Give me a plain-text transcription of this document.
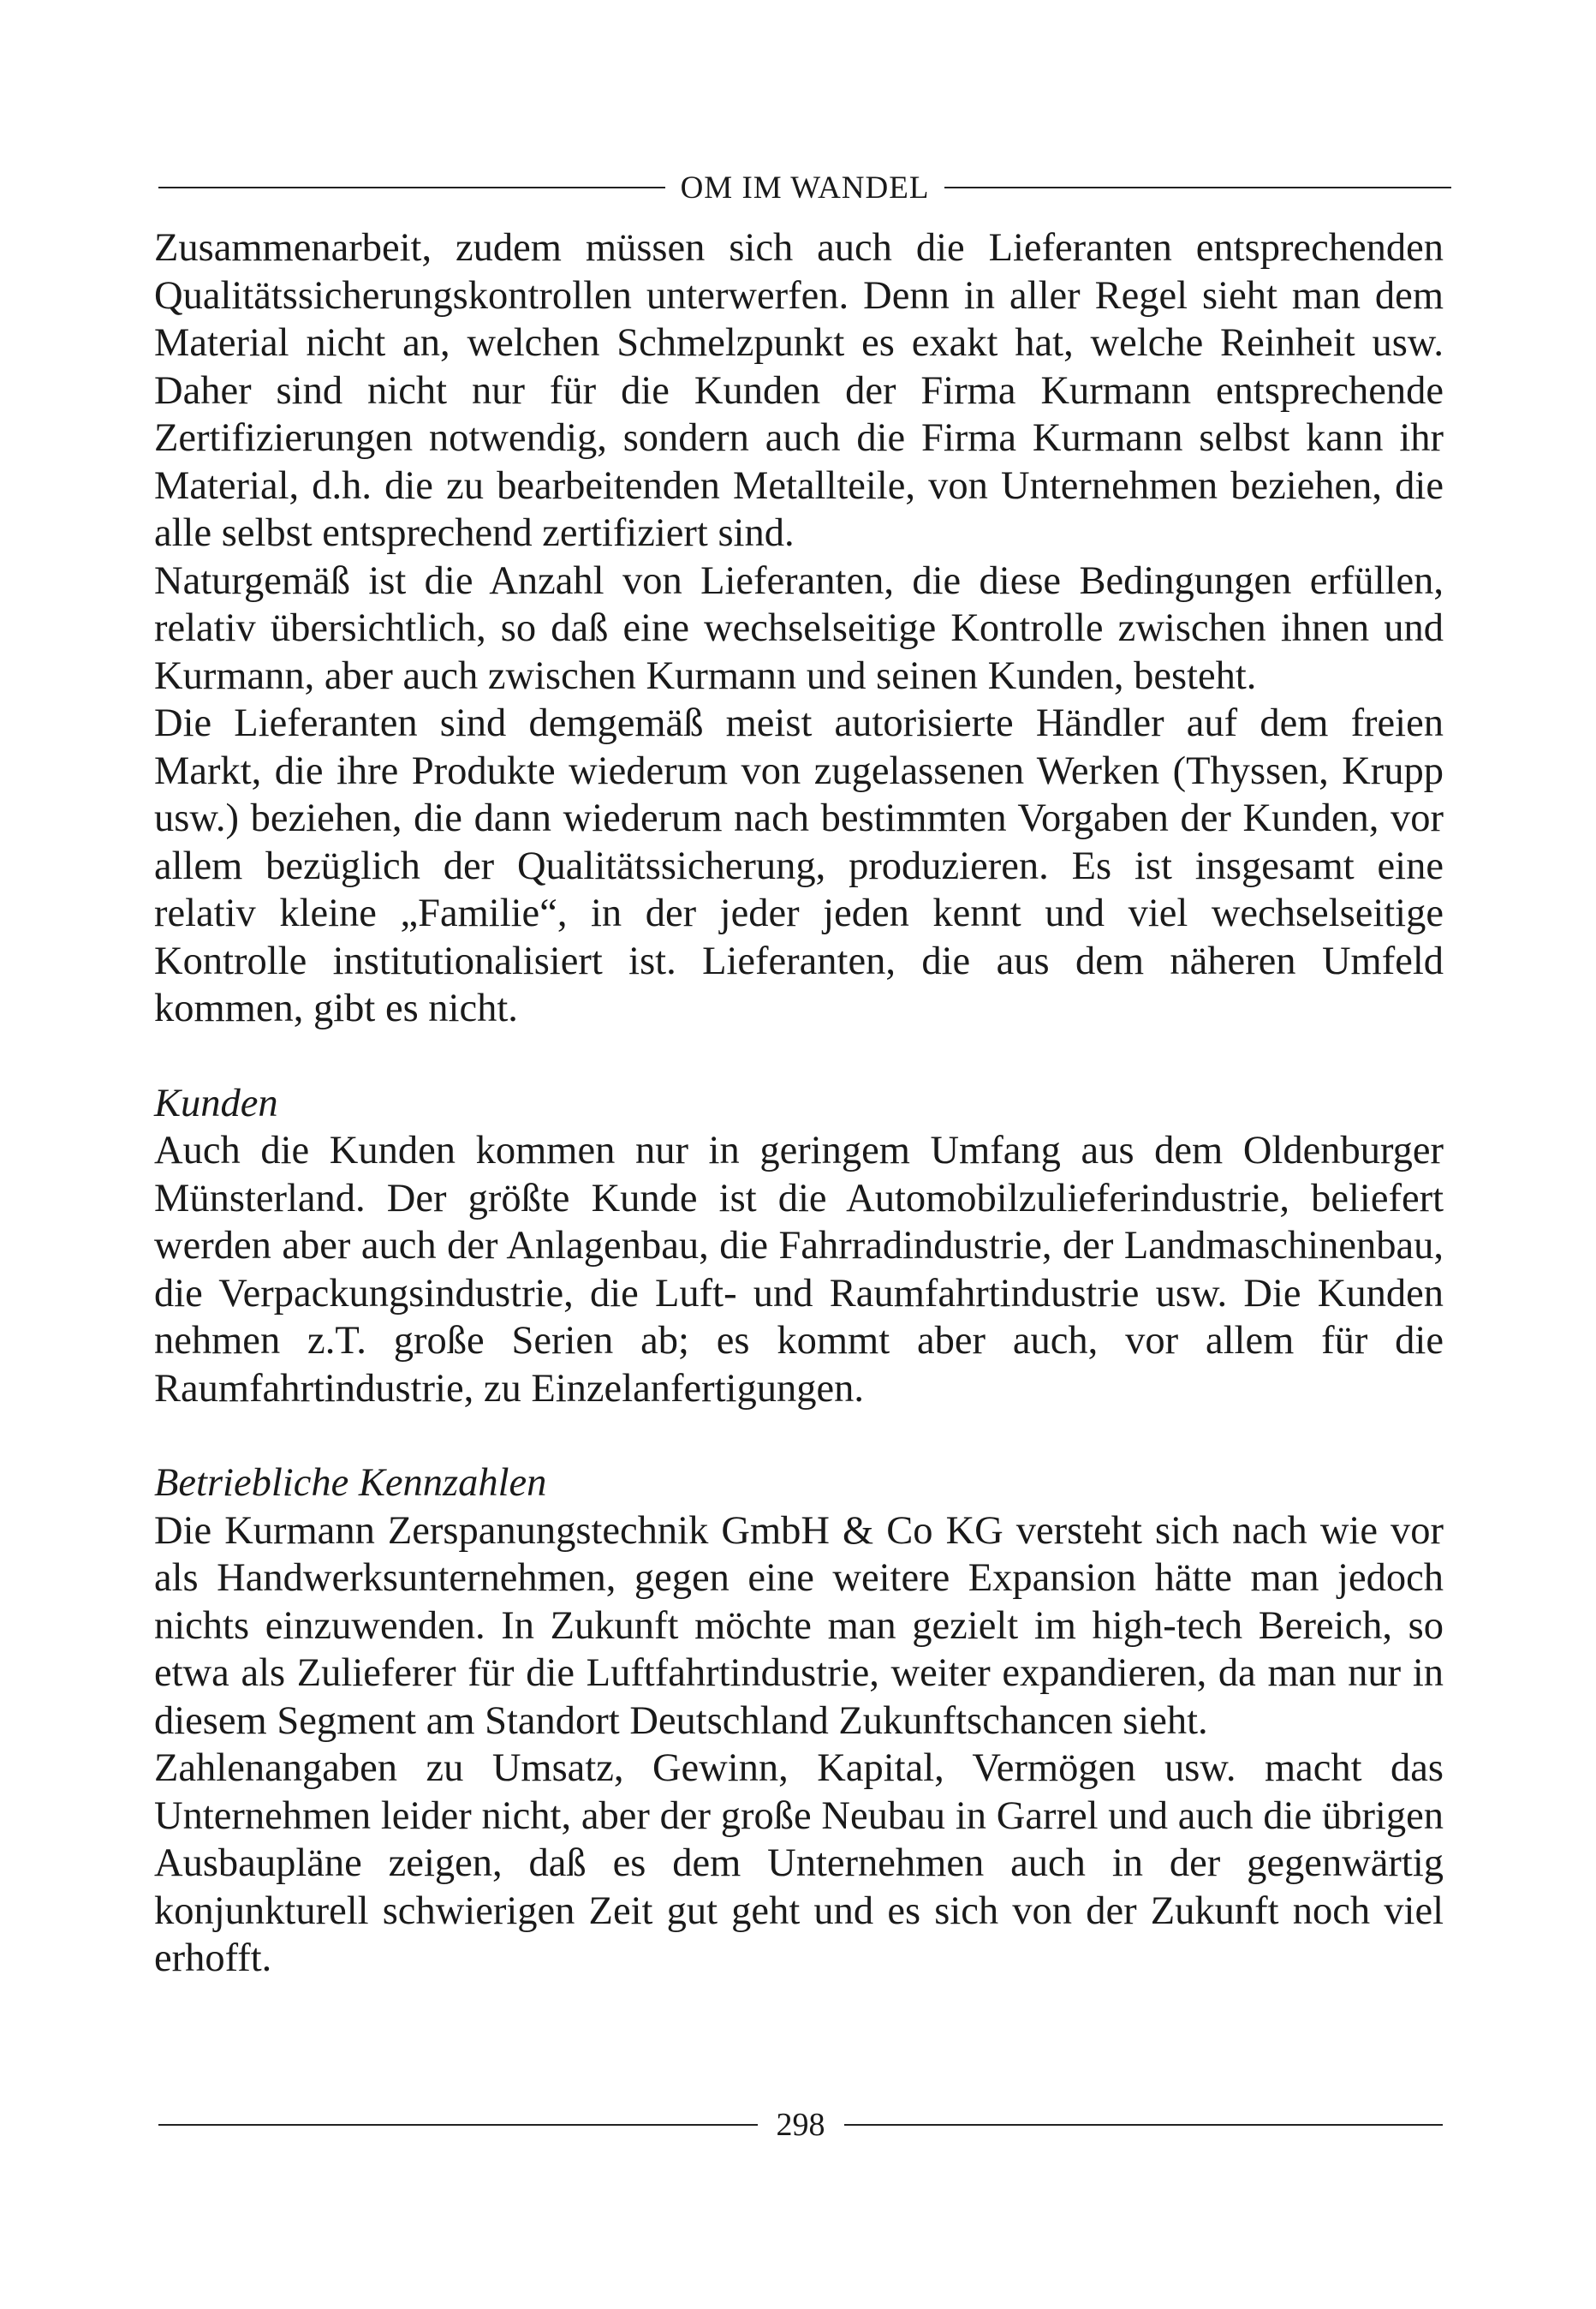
OM IM WANDEL

Zusammenarbeit, zudem müssen sich auch die Lieferanten entsprechenden Qualitätssicherungskontrollen unterwerfen. Denn in aller Regel sieht man dem Material nicht an, welchen Schmelzpunkt es exakt hat, welche Reinheit usw. Daher sind nicht nur für die Kunden der Firma Kurmann entsprechende Zertifizierungen notwendig, sondern auch die Firma Kurmann selbst kann ihr Material, d.h. die zu bearbeitenden Metallteile, von Unternehmen beziehen, die alle selbst entsprechend zertifiziert sind.

Naturgemäß ist die Anzahl von Lieferanten, die diese Bedingungen erfüllen, relativ übersichtlich, so daß eine wechselseitige Kontrolle zwischen ihnen und Kurmann, aber auch zwischen Kurmann und seinen Kunden, besteht.

Die Lieferanten sind demgemäß meist autorisierte Händler auf dem freien Markt, die ihre Produkte wiederum von zugelassenen Werken (Thyssen, Krupp usw.) beziehen, die dann wiederum nach bestimmten Vorgaben der Kunden, vor allem bezüglich der Qualitätssicherung, produzieren. Es ist insgesamt eine relativ kleine „Familie“, in der jeder jeden kennt und viel wechselseitige Kontrolle institutionalisiert ist. Lieferanten, die aus dem näheren Umfeld kommen, gibt es nicht.

Kunden

Auch die Kunden kommen nur in geringem Umfang aus dem Oldenburger Münsterland. Der größte Kunde ist die Automobilzulieferindustrie, beliefert werden aber auch der Anlagenbau, die Fahrradindustrie, der Landmaschinenbau, die Verpackungsindustrie, die Luft- und Raumfahrtindustrie usw. Die Kunden nehmen z.T. große Serien ab; es kommt aber auch, vor allem für die Raumfahrtindustrie, zu Einzelanfertigungen.

Betriebliche Kennzahlen

Die Kurmann Zerspanungstechnik GmbH & Co KG versteht sich nach wie vor als Handwerksunternehmen, gegen eine weitere Expansion hätte man jedoch nichts einzuwenden. In Zukunft möchte man gezielt im high-tech Bereich, so etwa als Zulieferer für die Luftfahrtindustrie, weiter expandieren, da man nur in diesem Segment am Standort Deutschland Zukunftschancen sieht.

Zahlenangaben zu Umsatz, Gewinn, Kapital, Vermögen usw. macht das Unternehmen leider nicht, aber der große Neubau in Garrel und auch die übrigen Ausbaupläne zeigen, daß es dem Unternehmen auch in der gegenwärtig konjunkturell schwierigen Zeit gut geht und es sich von der Zukunft noch viel erhofft.

298
